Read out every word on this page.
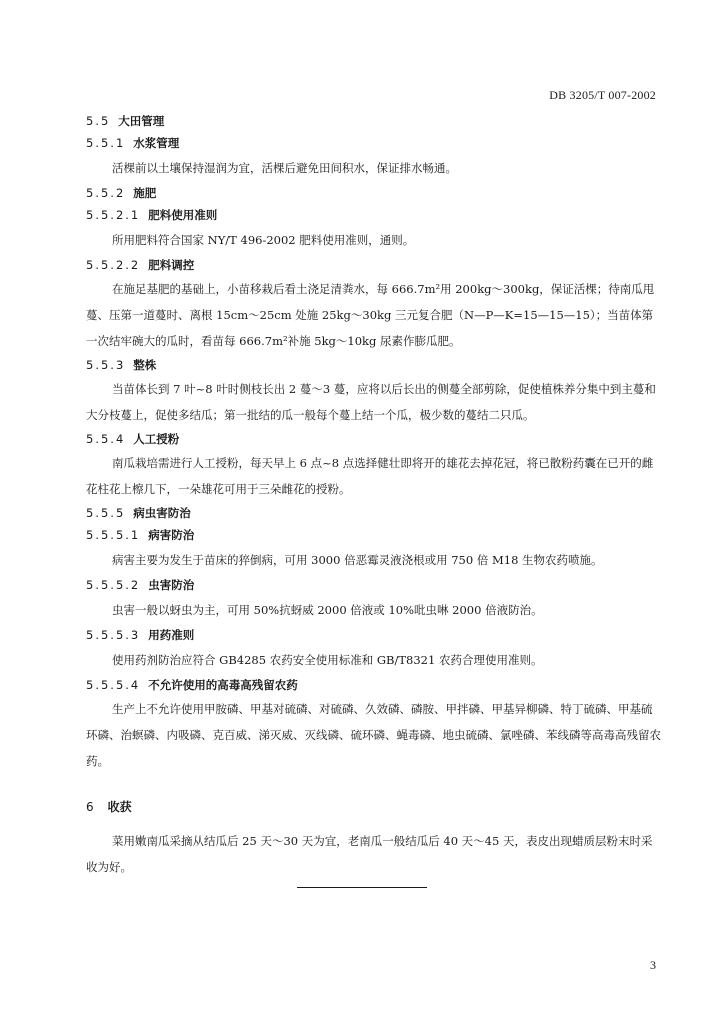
DB 3205/T 007-2002
5.5 大田管理
5.5.1 水浆管理

活棵前以土壤保持湿润为宜，活棵后避免田间积水，保证排水畅通。

5.5.2 施肥
5.5.2.1 肥料使用准则

所用肥料符合国家 NY/T 496-2002 肥料使用准则，通则。

5.5.2.2 肥料调控

在施足基肥的基础上，小苗移栽后看土浇足清粪水，每 666.7m²用 200kg～300kg，保证活棵；待南瓜甩蔓、压第一道蔓时、离根 15cm～25cm 处施 25kg～30kg 三元复合肥（N—P—K=15—15—15）；当苗体第一次结牢碗大的瓜时，看苗每 666.7m²补施 5kg～10kg 尿素作膨瓜肥。

5.5.3 整株

当苗体长到 7 叶~8 叶时侧枝长出 2 蔓～3 蔓，应将以后长出的侧蔓全部剪除，促使植株养分集中到主蔓和大分枝蔓上，促使多结瓜；第一批结的瓜一般每个蔓上结一个瓜，极少数的蔓结二只瓜。

5.5.4 人工授粉

南瓜栽培需进行人工授粉，每天早上 6 点~8 点选择健壮即将开的雄花去掉花冠，将已散粉药囊在已开的雌花柱花上檫几下，一朵雄花可用于三朵雌花的授粉。

5.5.5 病虫害防治
5.5.5.1 病害防治

病害主要为发生于苗床的猝倒病，可用 3000 倍恶霉灵液浇根或用 750 倍 M18 生物农药喷施。

5.5.5.2 虫害防治

虫害一般以蚜虫为主，可用 50%抗蚜威 2000 倍液或 10%吡虫啉 2000 倍液防治。

5.5.5.3 用药准则

使用药剂防治应符合 GB4285 农药安全使用标准和 GB/T8321 农药合理使用准则。

5.5.5.4 不允许使用的高毒高残留农药

生产上不允许使用甲胺磷、甲基对硫磷、对硫磷、久效磷、磷胺、甲拌磷、甲基异柳磷、特丁硫磷、甲基硫环磷、治螟磷、内吸磷、克百威、涕灭威、灭线磷、硫环磷、蝇毒磷、地虫硫磷、氯唑磷、苯线磷等高毒高残留农药。

6 收获

菜用嫩南瓜采摘从结瓜后 25 天～30 天为宜，老南瓜一般结瓜后 40 天～45 天，表皮出现蜡质层粉末时采收为好。

3
